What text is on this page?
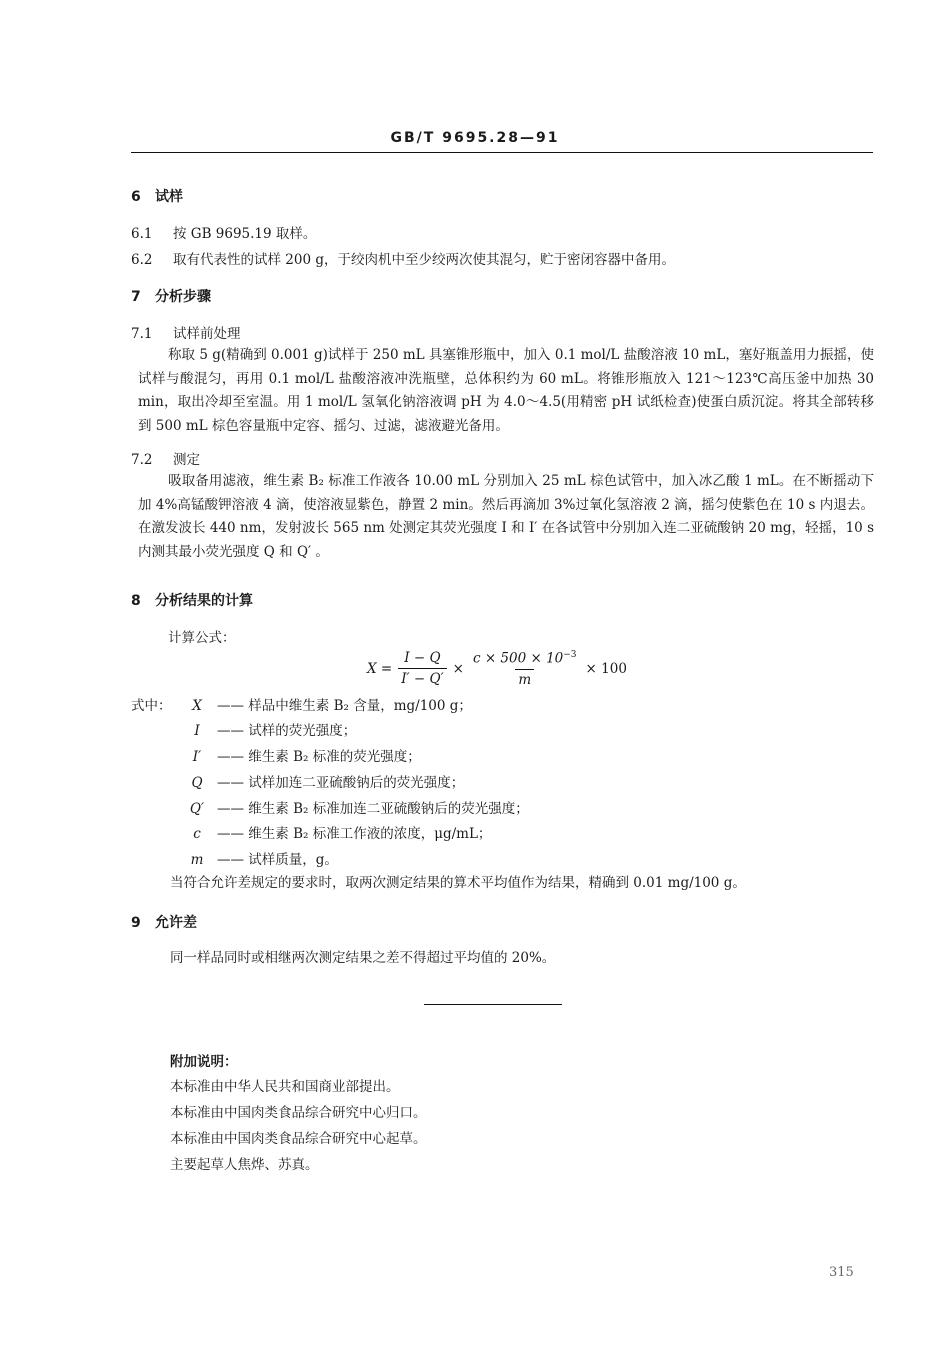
GB/T 9695.28—91
6 试样
6.1 按 GB 9695.19 取样。
6.2 取有代表性的试样 200 g，于绞肉机中至少绞两次使其混匀，贮于密闭容器中备用。
7 分析步骤
7.1 试样前处理
称取 5 g(精确到 0.001 g)试样于 250 mL 具塞锥形瓶中，加入 0.1 mol/L 盐酸溶液 10 mL，塞好瓶盖用力振摇，使试样与酸混匀，再用 0.1 mol/L 盐酸溶液冲洗瓶壁，总体积约为 60 mL。将锥形瓶放入 121～123℃高压釜中加热 30 min，取出冷却至室温。用 1 mol/L 氢氧化钠溶液调 pH 为 4.0～4.5(用精密 pH 试纸检查)使蛋白质沉淀。将其全部转移到 500 mL 棕色容量瓶中定容、摇匀、过滤，滤液避光备用。
7.2 测定
吸取备用滤液，维生素 B₂ 标准工作液各 10.00 mL 分别加入 25 mL 棕色试管中，加入冰乙酸 1 mL。在不断摇动下加 4%高锰酸钾溶液 4 滴，使溶液显紫色，静置 2 min。然后再滴加 3%过氧化氢溶液 2 滴，摇匀使紫色在 10 s 内退去。在激发波长 440 nm，发射波长 565 nm 处测定其荧光强度 I 和 I′ 在各试管中分别加入连二亚硫酸钠 20 mg，轻摇，10 s 内测其最小荧光强度 Q 和 Q′ 。
8 分析结果的计算
计算公式：
$X = \frac{I - Q}{I' - Q'} \times \frac{c \times 500 \times 10^{-3}}{m} \times 100$
式中：	X —— 样品中维生素 B₂ 含量，mg/100 g；
I —— 试样的荧光强度；
I′ —— 维生素 B₂ 标准的荧光强度；
Q —— 试样加连二亚硫酸钠后的荧光强度；
Q′ —— 维生素 B₂ 标准加连二亚硫酸钠后的荧光强度；
c —— 维生素 B₂ 标准工作液的浓度，μg/mL；
m —— 试样质量，g。
当符合允许差规定的要求时，取两次测定结果的算术平均值作为结果，精确到 0.01 mg/100 g。
9 允许差
同一样品同时或相继两次测定结果之差不得超过平均值的 20%。
附加说明：
本标准由中华人民共和国商业部提出。
本标准由中国肉类食品综合研究中心归口。
本标准由中国肉类食品综合研究中心起草。
主要起草人焦烨、苏真。
315
